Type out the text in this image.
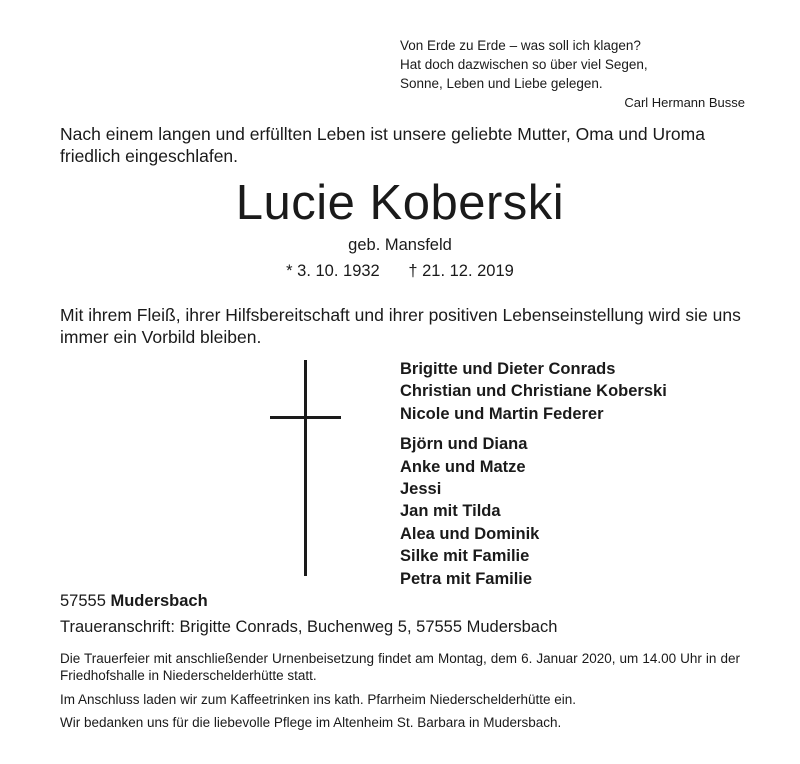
Von Erde zu Erde – was soll ich klagen?
Hat doch dazwischen so über viel Segen,
Sonne, Leben und Liebe gelegen.
Carl Hermann Busse
Nach einem langen und erfüllten Leben ist unsere geliebte Mutter, Oma und Uroma friedlich eingeschlafen.
Lucie Koberski
geb. Mansfeld
* 3. 10. 1932 † 21. 12. 2019
Mit ihrem Fleiß, ihrer Hilfsbereitschaft und ihrer positiven Lebenseinstellung wird sie uns immer ein Vorbild bleiben.
Brigitte und Dieter Conrads
Christian und Christiane Koberski
Nicole und Martin Federer
Björn und Diana
Anke und Matze
Jessi
Jan mit Tilda
Alea und Dominik
Silke mit Familie
Petra mit Familie
57555 Mudersbach
Traueranschrift: Brigitte Conrads, Buchenweg 5, 57555 Mudersbach
Die Trauerfeier mit anschließender Urnenbeisetzung findet am Montag, dem 6. Januar 2020, um 14.00 Uhr in der Friedhofshalle in Niederschelderhütte statt.
Im Anschluss laden wir zum Kaffeetrinken ins kath. Pfarrheim Niederschelderhütte ein.
Wir bedanken uns für die liebevolle Pflege im Altenheim St. Barbara in Mudersbach.
